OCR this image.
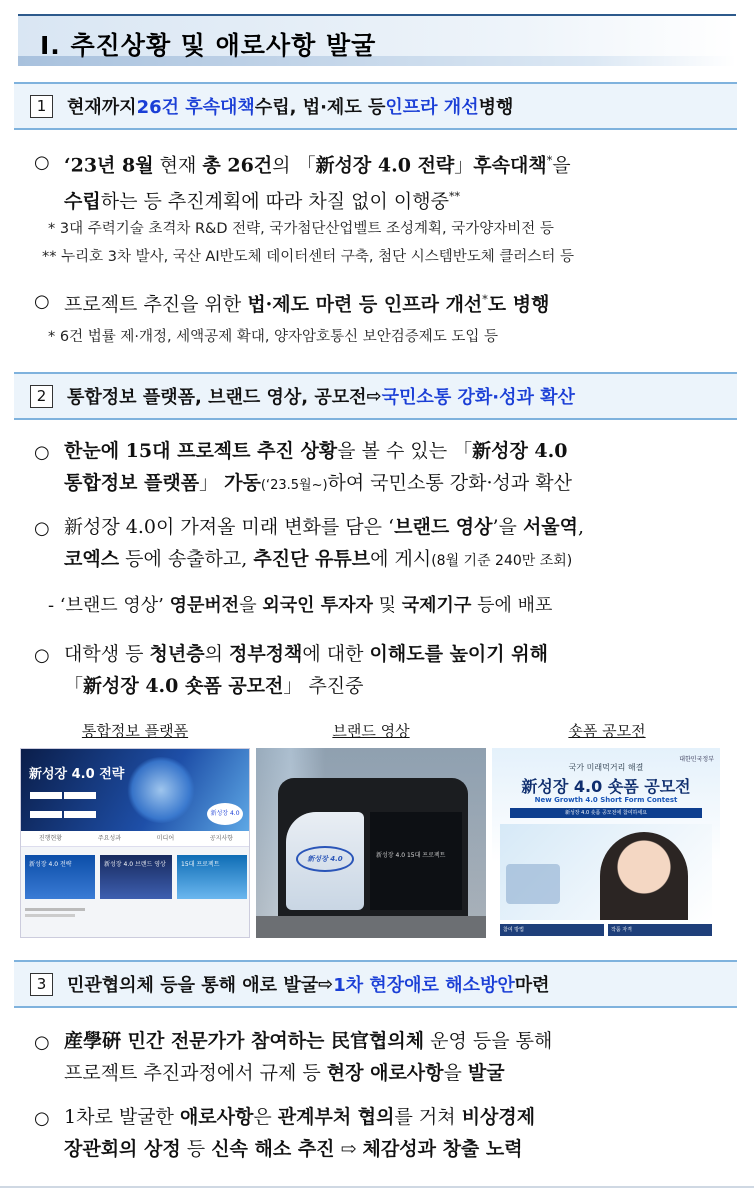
Ⅰ. 추진상황 및 애로사항 발굴
1	현재까지 26건 후속대책 수립, 법·제도 등 인프라 개선 병행
○ ‘23년 8월 현재 총 26건의 「新성장 4.0 전략」후속대책*을
수립하는 등 추진계획에 따라 차질 없이 이행중**
* 3대 주력기술 초격차 R&D 전략, 국가첨단산업벨트 조성계획, 국가양자비전 등
** 누리호 3차 발사, 국산 AI반도체 데이터센터 구축, 첨단 시스템반도체 클러스터 등
○ 프로젝트 추진을 위한 법·제도 마련 등 인프라 개선*도 병행
* 6건 법률 제·개정, 세액공제 확대, 양자암호통신 보안검증제도 도입 등
2	통합정보 플랫폼, 브랜드 영상, 공모전 ⇨ 국민소통 강화·성과 확산
○ 한눈에 15대 프로젝트 추진 상황을 볼 수 있는 「新성장 4.0
통합정보 플랫폼」 가동(‘23.5월~)하여 국민소통 강화·성과 확산
○ 新성장 4.0이 가져올 미래 변화를 담은 ‘브랜드 영상’을 서울역,
코엑스 등에 송출하고, 추진단 유튜브에 게시(8월 기준 240만 조회)
- ‘브랜드 영상’ 영문버전을 외국인 투자자 및 국제기구 등에 배포
○ 대학생 등 청년층의 정부정책에 대한 이해도를 높이기 위해
「新성장 4.0 숏폼 공모전」 추진중
통합정보 플랫폼	브랜드 영상	숏폼 공모전
新성장 4.0 전략

新성장 4.0
진행현황	주요성과	미디어	공지사항
新성장 4.0 전략	新성장 4.0 브랜드 영상	15대 프로젝트
新성장 4.0	新성장 4.0 15대 프로젝트
대한민국정부
국가 미래먹거리 해결
新성장 4.0 숏폼 공모전
New Growth 4.0 Short Form Contest
新성장 4.0 숏폼 공모전에 참여하세요
참여 방법	작품 자격
3	민관협의체 등을 통해 애로 발굴 ⇨ 1차 현장애로 해소방안 마련
○ 産學硏 민간 전문가가 참여하는 民官협의체 운영 등을 통해
프로젝트 추진과정에서 규제 등 현장 애로사항을 발굴
○ 1차로 발굴한 애로사항은 관계부처 협의를 거쳐 비상경제
장관회의 상정 등 신속 해소 추진 ⇨ 체감성과 창출 노력
